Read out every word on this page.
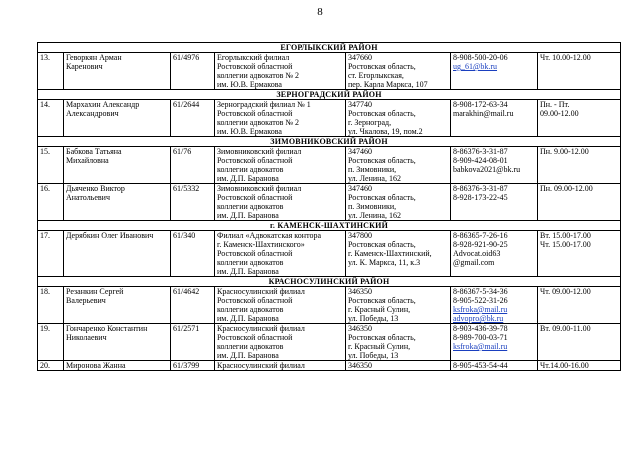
8
ЕГОРЛЫКСКИЙ РАЙОН						
13.	Геворкян Арман
Каренович	61/4976	Егорлыкский филиал
Ростовской областной
коллегии адвокатов № 2
им. Ю.В. Ермакова	347660
Ростовская область,
ст. Егорлыкская,
пер. Карла Маркса, 107	8-908-500-20-06
ug_61@bk.ru	Чт. 10.00-12.00

ЗЕРНОГРАДСКИЙ РАЙОН						
14.	Мархахин Александр
Александрович	61/2644	Зерноградский филиал № 1
Ростовской областной
коллегии адвокатов № 2
им. Ю.В. Ермакова	347740
Ростовская область,
г. Зерноград,
ул. Чкалова, 19, пом.2	8-908-172-63-34
marakhin@mail.ru	Пн. - Пт.
09.00-12.00

ЗИМОВНИКОВСКИЙ РАЙОН						
15.	Бабкова Татьяна
Михайловна	61/76	Зимовниковский филиал
Ростовской областной
коллегии адвокатов
им. Д.П. Баранова	347460
Ростовская область,
п. Зимовники,
ул. Ленина, 162	8-86376-3-31-87
8-909-424-08-01
babkova2021@bk.ru	Пн. 9.00-12.00

16.	Дьяченко Виктор
Анатольевич	61/5332	Зимовниковский филиал
Ростовской областной
коллегии адвокатов
им. Д.П. Баранова	347460
Ростовская область,
п. Зимовники,
ул. Ленина, 162	8-86376-3-31-87
8-928-173-22-45	Пн. 09.00-12.00

г. КАМЕНСК-ШАХТИНСКИЙ						
17.	Дерябкин Олег Иванович	61/340	Филиал «Адвокатская контора
г. Каменск-Шахтинского»
Ростовской областной
коллегии адвокатов
им. Д.П. Баранова	347800
Ростовская область,
г. Каменск-Шахтинский,
ул. К. Маркса, 11, к.3	8-86365-7-26-16
8-928-921-90-25
Advocat.oid63
@gmail.com	Вт. 15.00-17.00
Чт. 15.00-17.00

КРАСНОСУЛИНСКИЙ РАЙОН						
18.	Резанкин Сергей
Валерьевич	61/4642	Красносулинский филиал
Ростовской областной
коллегии адвокатов
им. Д.П. Баранова	346350
Ростовская область,
г. Красный Сулин,
ул. Победы, 13	8-86367-5-34-36
8-905-522-31-26
ksfroka@mail.ru
advopro@bk.ru	Чт. 09.00-12.00

19.	Гончаренко Константин
Николаевич	61/2571	Красносулинский филиал
Ростовской областной
коллегии адвокатов
им. Д.П. Баранова	346350
Ростовская область,
г. Красный Сулин,
ул. Победы, 13	8-903-436-39-78
8-989-700-03-71
ksfroka@mail.ru	Вт. 09.00-11.00

20.	Миронова Жанна	61/3799	Красносулинский филиал	346350	8-905-453-54-44	Чт.14.00-16.00
